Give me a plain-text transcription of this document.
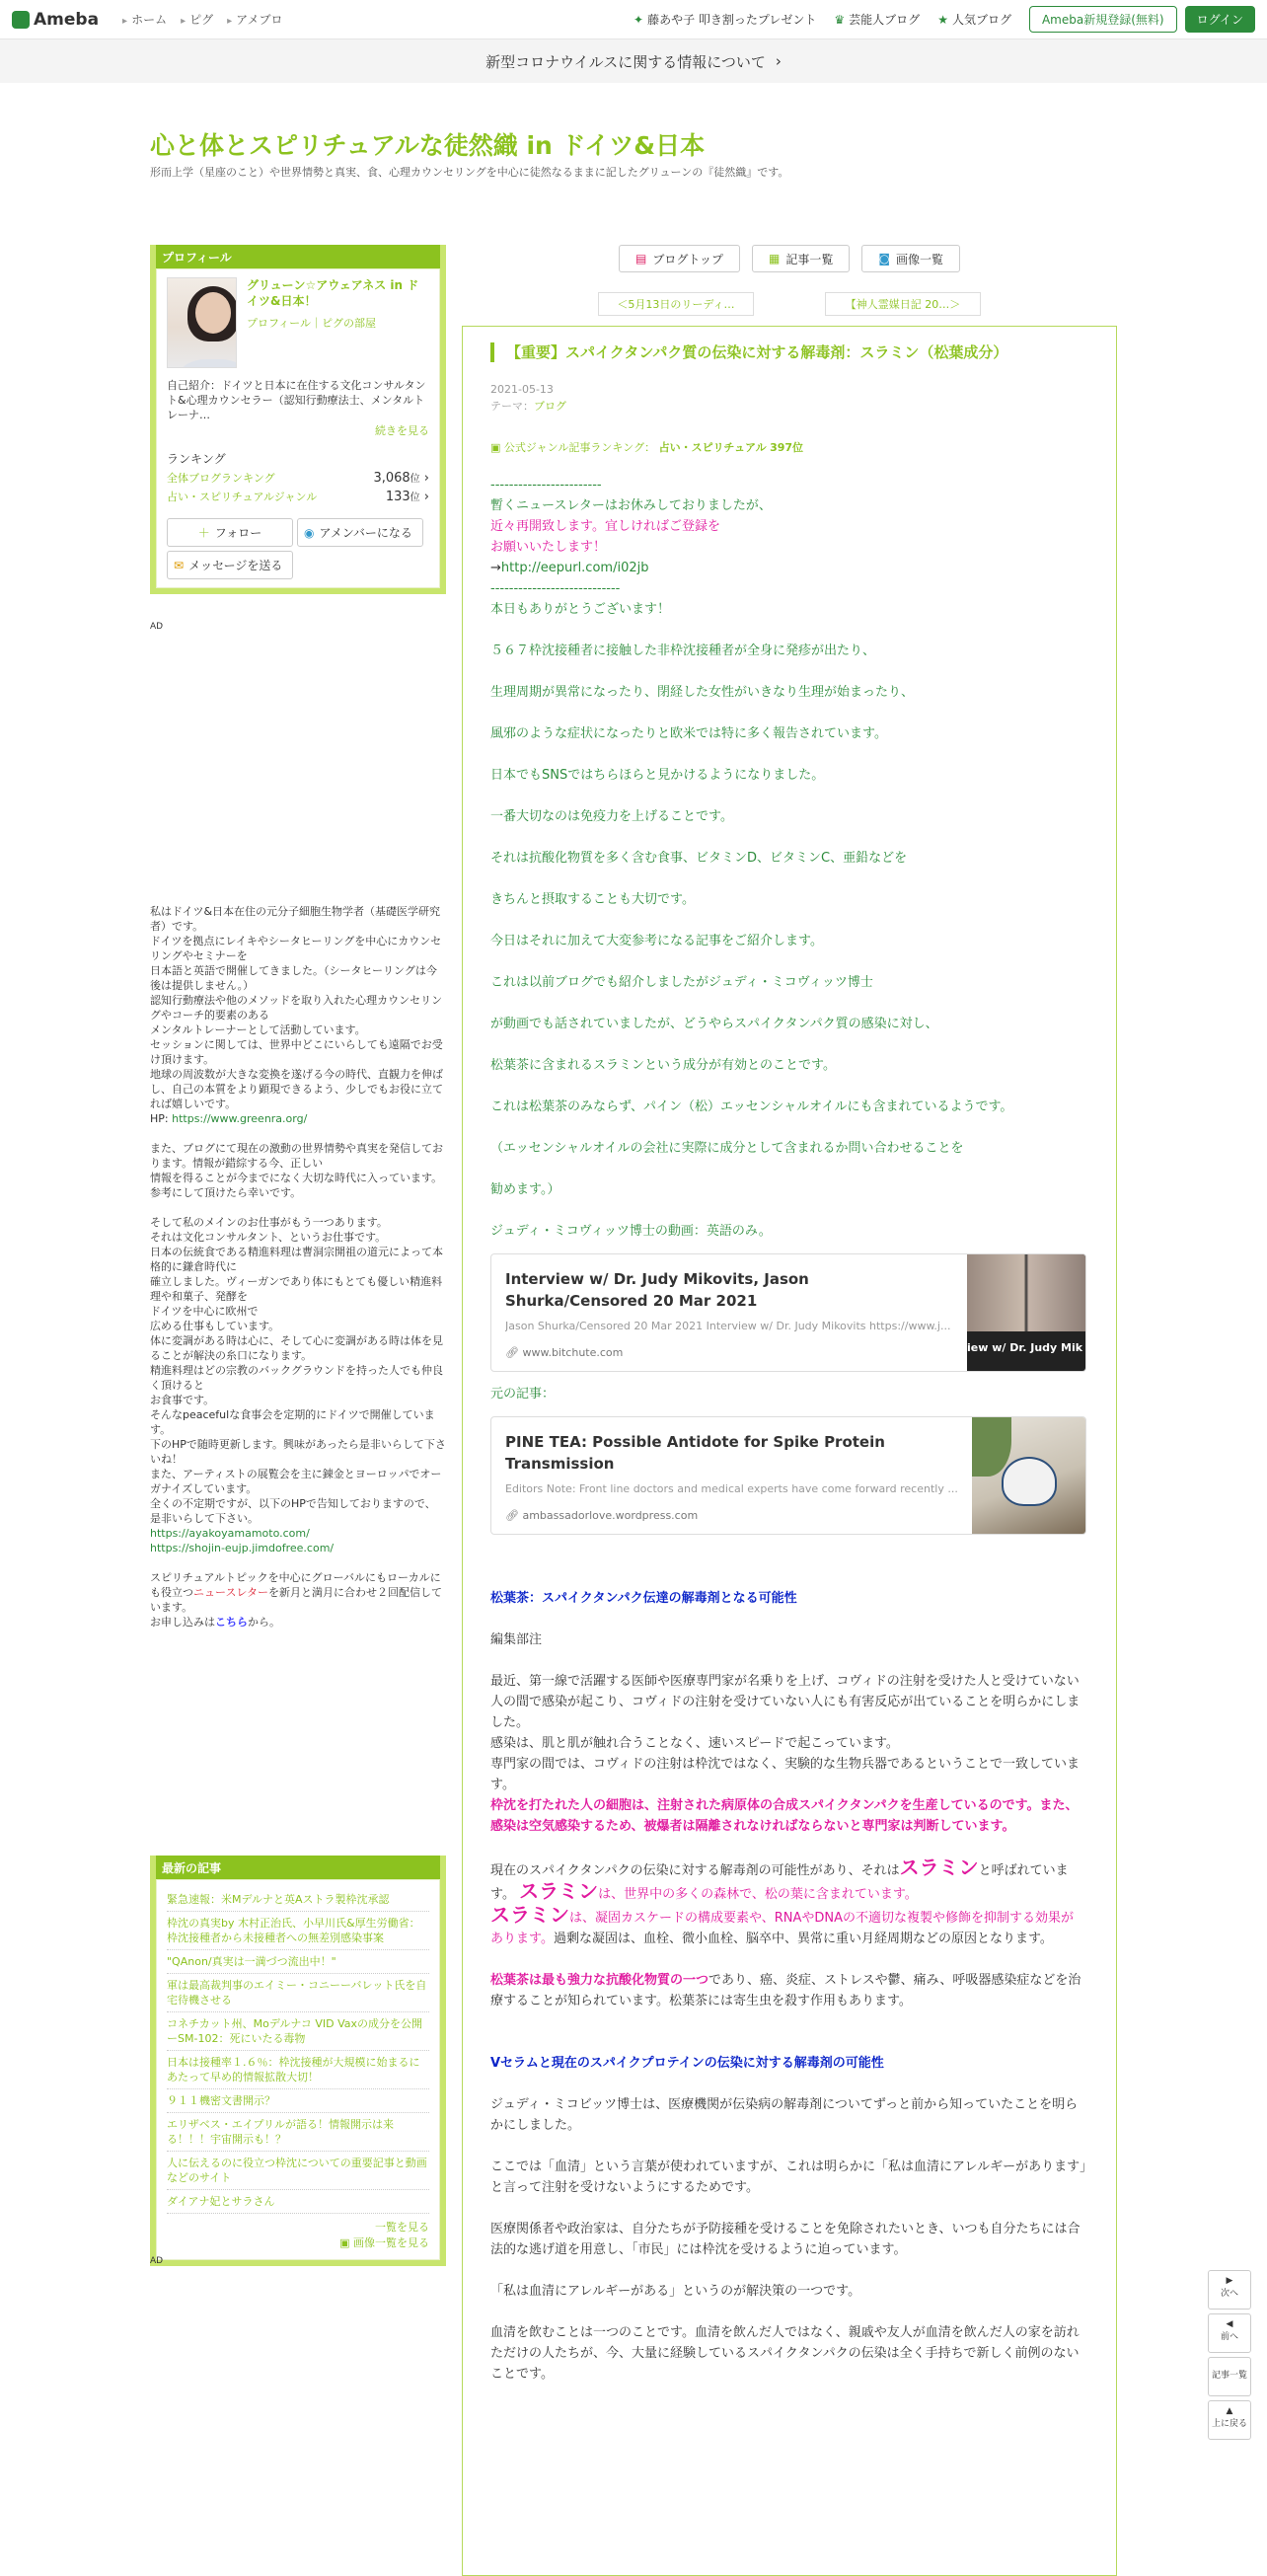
Ameba	▸ ホーム	▸ ピグ	▸ アメブロ	✦ 藤あや子 叩き割ったプレゼント ♛ 芸能人ブログ ★ 人気ブログ	Ameba新規登録(無料)	ログイン
新型コロナウイルスに関する情報について ›
心と体とスピリチュアルな徒然織 in ドイツ&日本
形而上学（星座のこと）や世界情勢と真実、食、心理カウンセリングを中心に徒然なるままに記したグリューンの『徒然織』です。
プロフィール
グリューン☆アウェアネス in ドイツ&日本！
プロフィール｜ピグの部屋
自己紹介：ドイツと日本に在住する文化コンサルタント&心理カウンセラー（認知行動療法士、メンタルトレーナ…
続きを見る
ランキング
全体ブログランキング	3,068位 ›
占い・スピリチュアルジャンル	133位 ›
＋ フォロー	◉ アメンバーになる
✉ メッセージを送る
AD
私はドイツ&日本在住の元分子細胞生物学者（基礎医学研究者）です。
ドイツを拠点にレイキやシータヒーリングを中心にカウンセリングやセミナーを
日本語と英語で開催してきました。（シータヒーリングは今後は提供しません。）
認知行動療法や他のメソッドを取り入れた心理カウンセリングやコーチ的要素のある
メンタルトレーナーとして活動しています。
セッションに関しては、世界中どこにいらしても遠隔でお受け頂けます。
地球の周波数が大きな変換を遂げる今の時代、直観力を伸ばし、自己の本質をより顕現できるよう、少しでもお役に立てれば嬉しいです。
HP: https://www.greenra.org/

また、ブログにて現在の激動の世界情勢や真実を発信しております。情報が錯綜する今、正しい
情報を得ることが今までになく大切な時代に入っています。参考にして頂けたら幸いです。

そして私のメインのお仕事がもう一つあります。
それは文化コンサルタント、というお仕事です。
日本の伝統食である精進料理は曹洞宗開祖の道元によって本格的に鎌倉時代に
確立しました。ヴィーガンであり体にもとても優しい精進料理や和菓子、発酵を
ドイツを中心に欧州で
広める仕事もしています。
体に変調がある時は心に、そして心に変調がある時は体を見ることが解決の糸口になります。
精進料理はどの宗教のバックグラウンドを持った人でも仲良く頂けると
お食事です。
そんなpeacefulな食事会を定期的にドイツで開催しています。
下のHPで随時更新します。興味があったら是非いらして下さいね！
また、アーティストの展覧会を主に錬金とヨーロッパでオーガナイズしています。
全くの不定期ですが、以下のHPで告知しておりますので、是非いらして下さい。
https://ayakoyamamoto.com/
https://shojin-eujp.jimdofree.com/

スピリチュアルトピックを中心にグローバルにもローカルにも役立つニュースレターを新月と満月に合わせ２回配信しています。
お申し込みはこちらから。
最新の記事
緊急速報：米Mデルナと英Aストラ製枠沈承認
枠沈の真実by 木村正治氏、小早川氏&厚生労働省：枠沈接種者から未接種者への無差別感染事案
"QAnon/真実は一満づつ流出中！"
軍は最高裁判事のエイミー・コニーーバレット氏を自宅待機させる
コネチカット州、Moデルナコ VID Vaxの成分を公開ーSM-102：死にいたる毒物
日本は接種率１.６％：枠沈接種が大規模に始まるにあたって早め的情報拡散大切！
９１１機密文書開示？
エリザベス・エイプリルが語る！情報開示は来る！！！宇宙開示も！？
人に伝えるのに役立つ枠沈についての重要記事と動画などのサイト
ダイアナ妃とサラさん
一覧を見る
▣ 画像一覧を見る
AD
▤ ブログトップ	▦ 記事一覧	◙ 画像一覧
＜5月13日のリーディ…	【神人霊媒日記 20…＞
【重要】スパイクタンパク質の伝染に対する解毒剤：スラミン（松葉成分）
2021-05-13
テーマ：ブログ
▣ 公式ジャンル記事ランキング： 占い・スピリチュアル 397位

------------------------

暫くニュースレターはお休みしておりましたが、

近々再開致します。宜しければご登録を

お願いいたします！

→http://eepurl.com/i02jb

----------------------------

本日もありがとうございます！

５６７枠沈接種者に接触した非枠沈接種者が全身に発疹が出たり、

生理周期が異常になったり、閉経した女性がいきなり生理が始まったり、

風邪のような症状になったりと欧米では特に多く報告されています。

日本でもSNSではちらほらと見かけるようになりました。

一番大切なのは免疫力を上げることです。

それは抗酸化物質を多く含む食事、ビタミンD、ビタミンC、亜鉛などを

きちんと摂取することも大切です。

今日はそれに加えて大変参考になる記事をご紹介します。

これは以前ブログでも紹介しましたがジュディ・ミコヴィッツ博士

が動画でも話されていましたが、どうやらスパイクタンパク質の感染に対し、

松葉茶に含まれるスラミンという成分が有効とのことです。

これは松葉茶のみならず、パイン（松）エッセンシャルオイルにも含まれているようです。

（エッセンシャルオイルの会社に実際に成分として含まれるか問い合わせることを

勧めます。）

ジュディ・ミコヴィッツ博士の動画：英語のみ。

Interview w/ Dr. Judy Mikovits, Jason Shurka/Censored 20 Mar 2021
Jason Shurka/Censored 20 Mar 2021 Interview w/ Dr. Judy Mikovits https://www.j...
🔗︎ www.bitchute.com	iew w/ Dr. Judy Mik

元の記事：

PINE TEA: Possible Antidote for Spike Protein Transmission
Editors Note: Front line doctors and medical experts have come forward recently ...
🔗︎ ambassadorlove.wordpress.com

松葉茶：スパイクタンパク伝達の解毒剤となる可能性

編集部注

最近、第一線で活躍する医師や医療専門家が名乗りを上げ、コヴィドの注射を受けた人と受けていない人の間で感染が起こり、コヴィドの注射を受けていない人にも有害反応が出ていることを明らかにしました。

感染は、肌と肌が触れ合うことなく、速いスピードで起こっています。

専門家の間では、コヴィドの注射は枠沈ではなく、実験的な生物兵器であるということで一致しています。

枠沈を打たれた人の細胞は、注射された病原体の合成スパイクタンパクを生産しているのです。また、感染は空気感染するため、被爆者は隔離されなければならないと専門家は判断しています。

現在のスパイクタンパクの伝染に対する解毒剤の可能性があり、それはスラミンと呼ばれています。 スラミンは、世界中の多くの森林で、松の葉に含まれています。

スラミンは、凝固カスケードの構成要素や、RNAやDNAの不適切な複製や修飾を抑制する効果があります。過剰な凝固は、血栓、微小血栓、脳卒中、異常に重い月経周期などの原因となります。

松葉茶は最も強力な抗酸化物質の一つであり、癌、炎症、ストレスや鬱、痛み、呼吸器感染症などを治療することが知られています。松葉茶には寄生虫を殺す作用もあります。

Vセラムと現在のスパイクプロテインの伝染に対する解毒剤の可能性

ジュディ・ミコビッツ博士は、医療機関が伝染病の解毒剤についてずっと前から知っていたことを明らかにしました。

ここでは「血清」という言葉が使われていますが、これは明らかに「私は血清にアレルギーがあります」と言って注射を受けないようにするためです。

医療関係者や政治家は、自分たちが予防接種を受けることを免除されたいとき、いつも自分たちには合法的な逃げ道を用意し、「市民」には枠沈を受けるように迫っています。

「私は血清にアレルギーがある」というのが解決策の一つです。

血清を飲むことは一つのことです。血清を飲んだ人ではなく、親戚や友人が血清を飲んだ人の家を訪れただけの人たちが、今、大量に経験しているスパイクタンパクの伝染は全く手持ちで新しく前例のないことです。

▶
次へ
◀
前へ
記事一覧
▲
上に戻る
